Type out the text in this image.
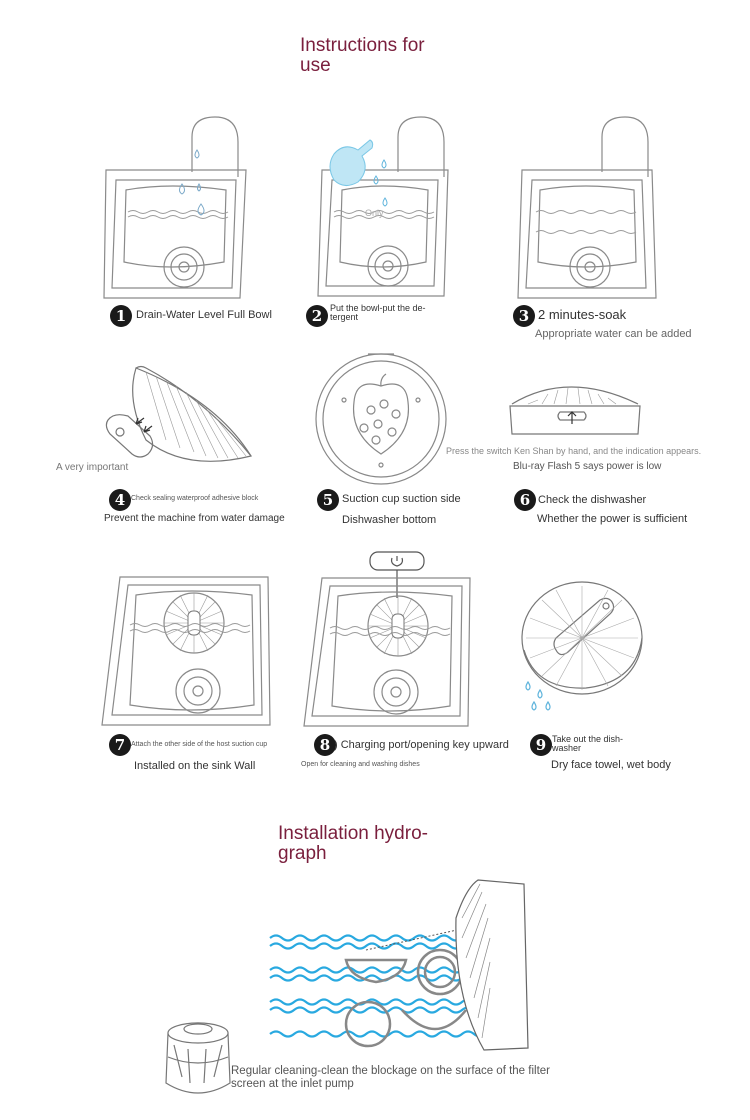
Instructions for
use
1 Drain-Water Level Full Bowl
Only
2 Put the bowl-put the de-
tergent	3 2 minutes-soak
Appropriate water can be added
A very important
4 Check sealing waterproof adhesive block
Prevent the machine from water damage
5 Suction cup suction side
Dishwasher bottom
Press the switch Ken Shan by hand, and the indication appears.
Blu-ray Flash 5 says power is low
6 Check the dishwasher
Whether the power is sufficient
7 Attach the other side of the host suction cup
Installed on the sink Wall
8 ) Charging port/opening key upward
Open for cleaning and washing dishes
9 Take out the dish-
washer
Dry face towel, wet body
Installation hydro-
graph
Regular cleaning-clean the blockage on the surface of the filter
screen at the inlet pump
